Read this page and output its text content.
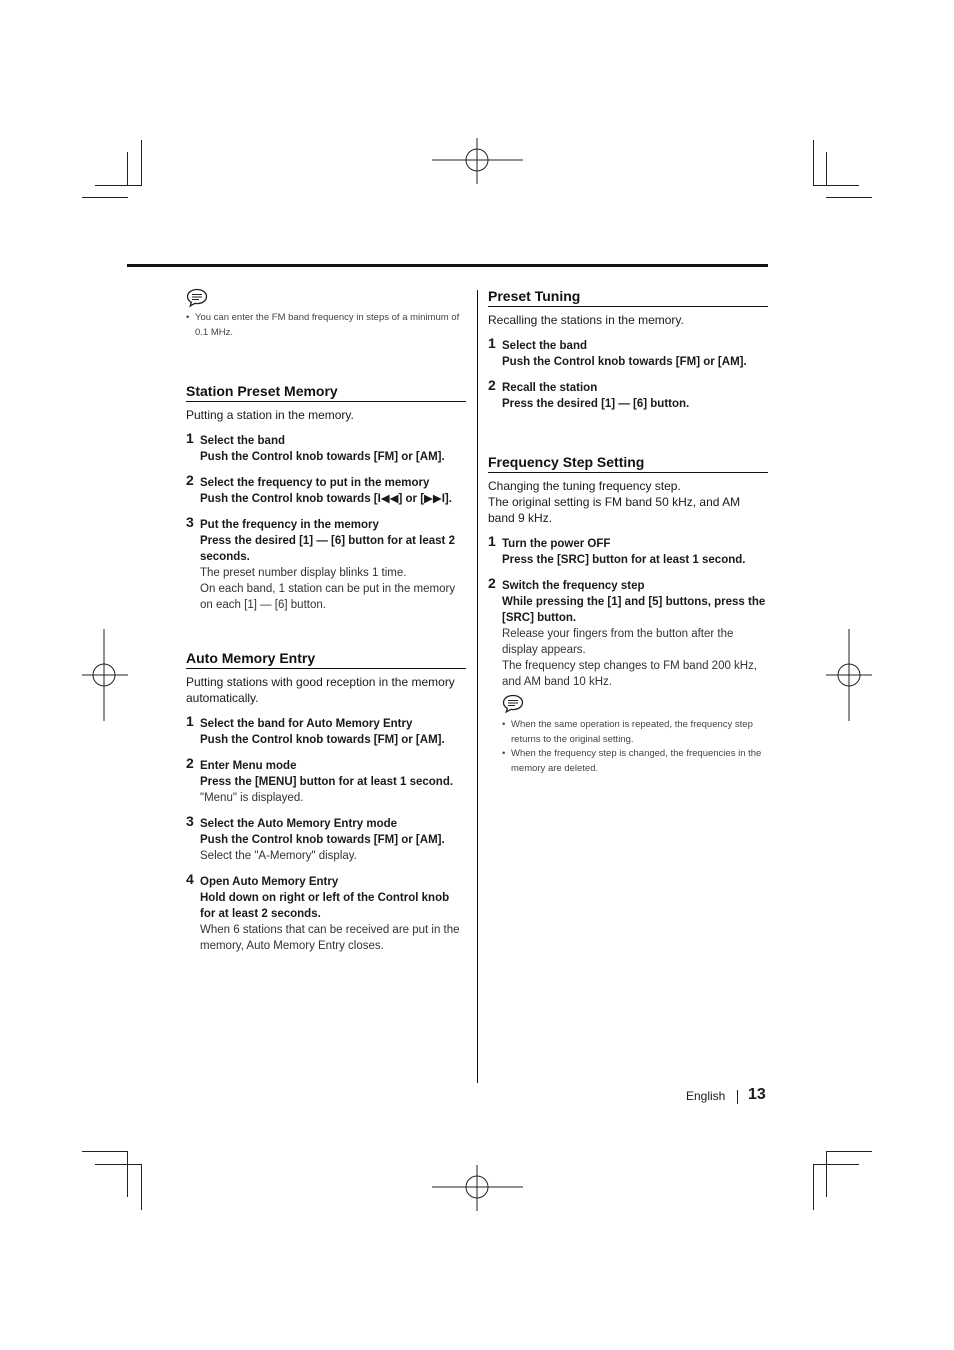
• You can enter the FM band frequency in steps of a minimum of 0.1 MHz.
Station Preset Memory

Putting a station in the memory.

1 Select the band
Push the Control knob towards [FM] or [AM].
2 Select the frequency to put in the memory
Push the Control knob towards [I◀◀] or [▶▶I].
3 Put the frequency in the memory
Press the desired [1] — [6] button for at least 2 seconds.
The preset number display blinks 1 time.
On each band, 1 station can be put in the memory on each [1] — [6] button.
Auto Memory Entry

Putting stations with good reception in the memory automatically.

1 Select the band for Auto Memory Entry
Push the Control knob towards [FM] or [AM].
2 Enter Menu mode
Press the [MENU] button for at least 1 second.
"Menu" is displayed.
3 Select the Auto Memory Entry mode
Push the Control knob towards [FM] or [AM].
Select the "A-Memory" display.
4 Open Auto Memory Entry
Hold down on right or left of the Control knob for at least 2 seconds.
When 6 stations that can be received are put in the memory, Auto Memory Entry closes.
Preset Tuning

Recalling the stations in the memory.

1 Select the band
Push the Control knob towards [FM] or [AM].
2 Recall the station
Press the desired [1] — [6] button.
Frequency Step Setting

Changing the tuning frequency step.
The original setting is FM band 50 kHz, and AM band 9 kHz.

1 Turn the power OFF
Press the [SRC] button for at least 1 second.
2 Switch the frequency step
While pressing the [1] and [5] buttons, press the [SRC] button.
Release your fingers from the button after the display appears.
The frequency step changes to FM band 200 kHz, and AM band 10 kHz.
• When the same operation is repeated, the frequency step returns to the original setting.
• When the frequency step is changed, the frequencies in the memory are deleted.
English 13
